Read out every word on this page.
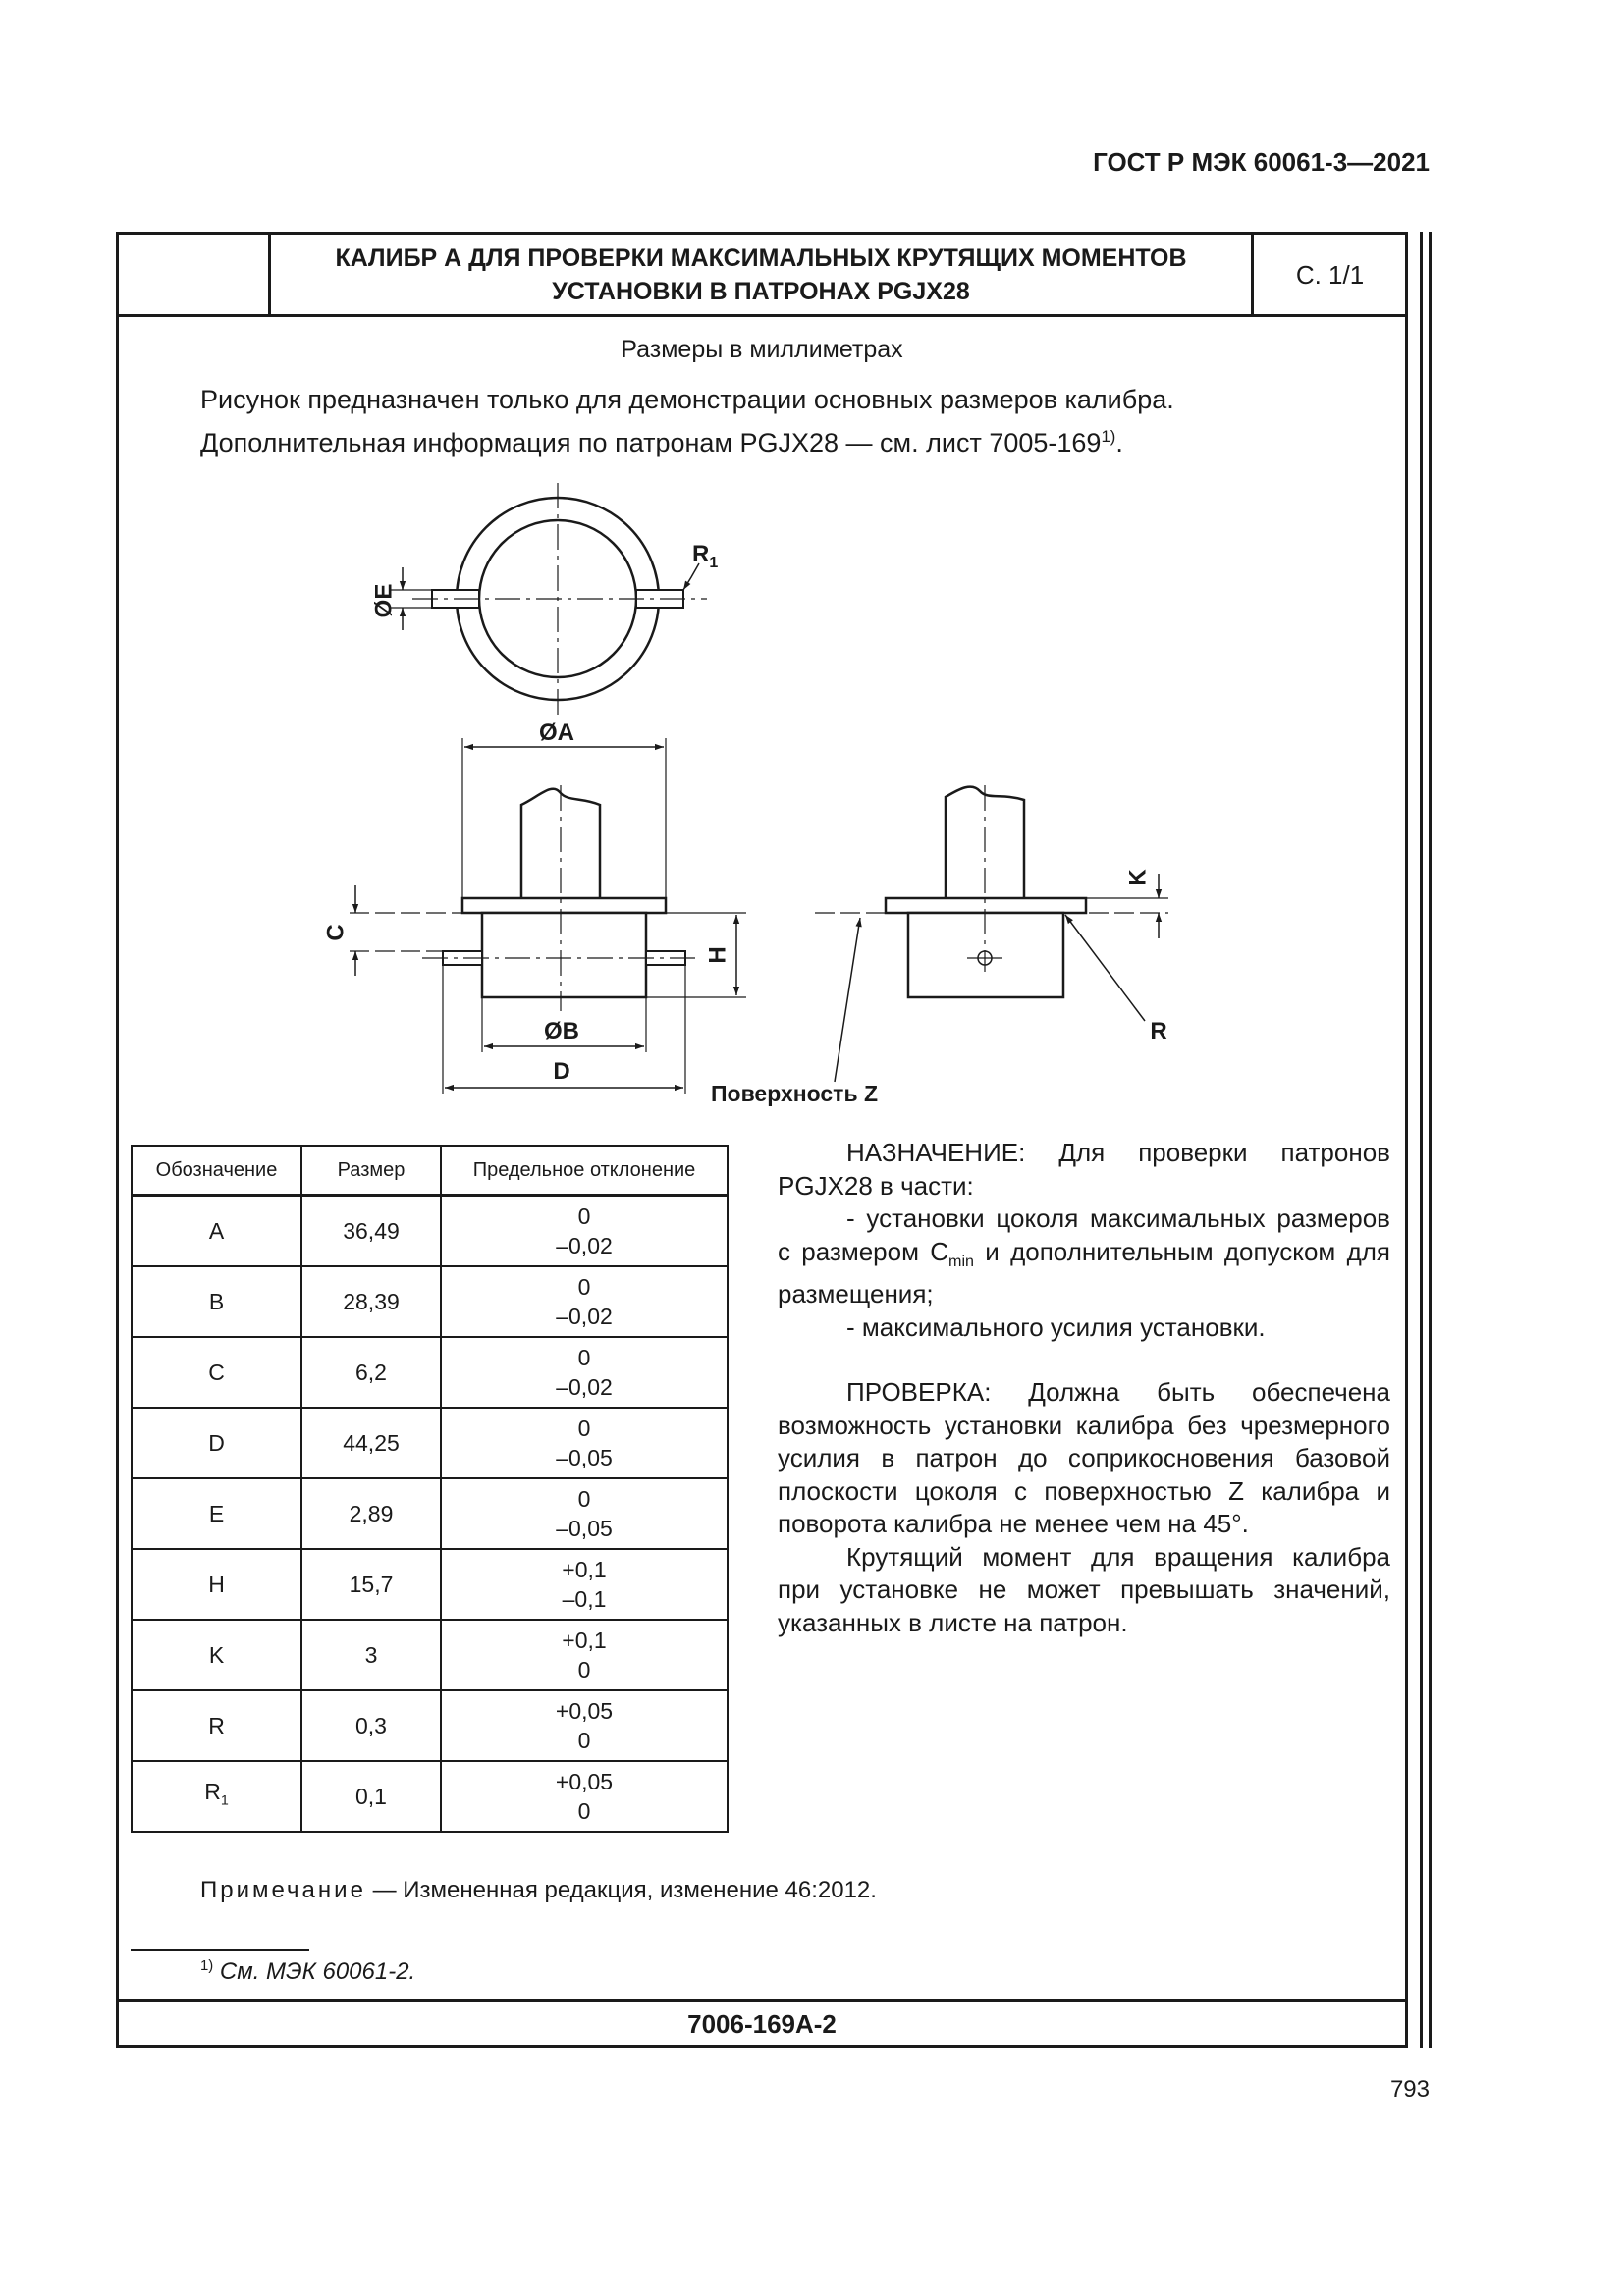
ГОСТ Р МЭК 60061-3—2021
КАЛИБР А ДЛЯ ПРОВЕРКИ МАКСИМАЛЬНЫХ КРУТЯЩИХ МОМЕНТОВ
УСТАНОВКИ В ПАТРОНАХ PGJX28
С. 1/1
Размеры в миллиметрах
Рисунок предназначен только для демонстрации основных размеров калибра.
Дополнительная информация по патронам PGJX28 — см. лист 7005-169$^{1)}$.
ØE
$R_1$
ØA
C
H
ØB
D
K
R
Поверхность Z
Обозначение	Размер	Предельное отклонение
A	36,49	0
–0,02

B	28,39	0
–0,02

C	6,2	0
–0,02

D	44,25	0
–0,05

E	2,89	0
–0,05

H	15,7	+0,1
–0,1

K	3	+0,1
0

R	0,3	+0,05
0

$R_1$	0,1	+0,05
0

НАЗНАЧЕНИЕ: Для проверки патронов PGJX28 в части:

- установки цоколя максимальных размеров с размером $C_{min}$ и дополнительным допуском для размещения;

- максимального усилия установки.

ПРОВЕРКА: Должна быть обеспечена возможность установки калибра без чрезмерного усилия в патрон до соприкосновения базовой плоскости цоколя с поверхностью Z калибра и поворота калибра не менее чем на 45°.

Крутящий момент для вращения калибра при установке не может превышать значений, указанных в листе на патрон.

Примечание — Измененная редакция, изменение 46:2012.
$^{1)}$ См. МЭК 60061-2.
7006-169A-2
793
